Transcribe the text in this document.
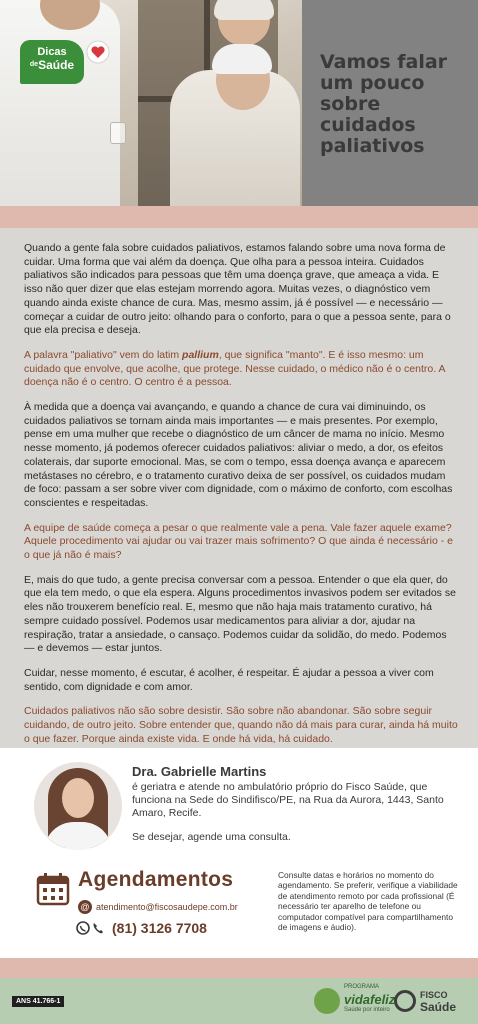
Dicas
$^{de}$Saúde	Vamos falar um pouco sobre cuidados paliativos

Quando a gente fala sobre cuidados paliativos, estamos falando sobre uma nova forma de cuidar. Uma forma que vai além da doença. Que olha para a pessoa inteira. Cuidados paliativos são indicados para pessoas que têm uma doença grave, que ameaça a vida. E isso não quer dizer que elas estejam morrendo agora. Muitas vezes, o diagnóstico vem quando ainda existe chance de cura. Mas, mesmo assim, já é possível — e necessário — começar a cuidar de outro jeito: olhando para o conforto, para o que a pessoa sente, para o que ela precisa e deseja.

A palavra "paliativo" vem do latim pallium, que significa "manto". E é isso mesmo: um cuidado que envolve, que acolhe, que protege. Nesse cuidado, o médico não é o centro. A doença não é o centro. O centro é a pessoa.

À medida que a doença vai avançando, e quando a chance de cura vai diminuindo, os cuidados paliativos se tornam ainda mais importantes — e mais presentes. Por exemplo, pense em uma mulher que recebe o diagnóstico de um câncer de mama no início. Mesmo nesse momento, já podemos oferecer cuidados paliativos: aliviar o medo, a dor, os efeitos colaterais, dar suporte emocional. Mas, se com o tempo, essa doença avança e aparecem metástases no cérebro, e o tratamento curativo deixa de ser possível, os cuidados mudam de foco: passam a ser sobre viver com dignidade, com o máximo de conforto, com escolhas conscientes e respeitadas.

A equipe de saúde começa a pesar o que realmente vale a pena. Vale fazer aquele exame? Aquele procedimento vai ajudar ou vai trazer mais sofrimento? O que ainda é necessário - e o que já não é mais?

E, mais do que tudo, a gente precisa conversar com a pessoa. Entender o que ela quer, do que ela tem medo, o que ela espera. Alguns procedimentos invasivos podem ser evitados se eles não trouxerem benefício real. E, mesmo que não haja mais tratamento curativo, há sempre cuidado possível. Podemos usar medicamentos para aliviar a dor, ajudar na respiração, tratar a ansiedade, o cansaço. Podemos cuidar da solidão, do medo. Podemos — e devemos — estar juntos.

Cuidar, nesse momento, é escutar, é acolher, é respeitar. É ajudar a pessoa a viver com sentido, com dignidade e com amor.

Cuidados paliativos não são sobre desistir. São sobre não abandonar. São sobre seguir cuidando, de outro jeito. Sobre entender que, quando não dá mais para curar, ainda há muito o que fazer. Porque ainda existe vida. E onde há vida, há cuidado.

Dra. Gabrielle Martins
é geriatra e atende no ambulatório próprio do Fisco Saúde, que funciona na Sede do Sindifisco/PE, na Rua da Aurora, 1443, Santo Amaro, Recife.
Se desejar, agende uma consulta.
Agendamentos
@ atendimento@fiscosaudepe.com.br
(81) 3126 7708
Consulte datas e horários no momento do agendamento. Se preferir, verifique a viabilidade de atendimento remoto por cada profissional (É necessário ter aparelho de telefone ou computador compatível para compartilhamento de imagens e áudio).
ANS 41.766-1
PROGRAMA
vidafeliz
Saúde por inteiro
FISCO
Saúde
